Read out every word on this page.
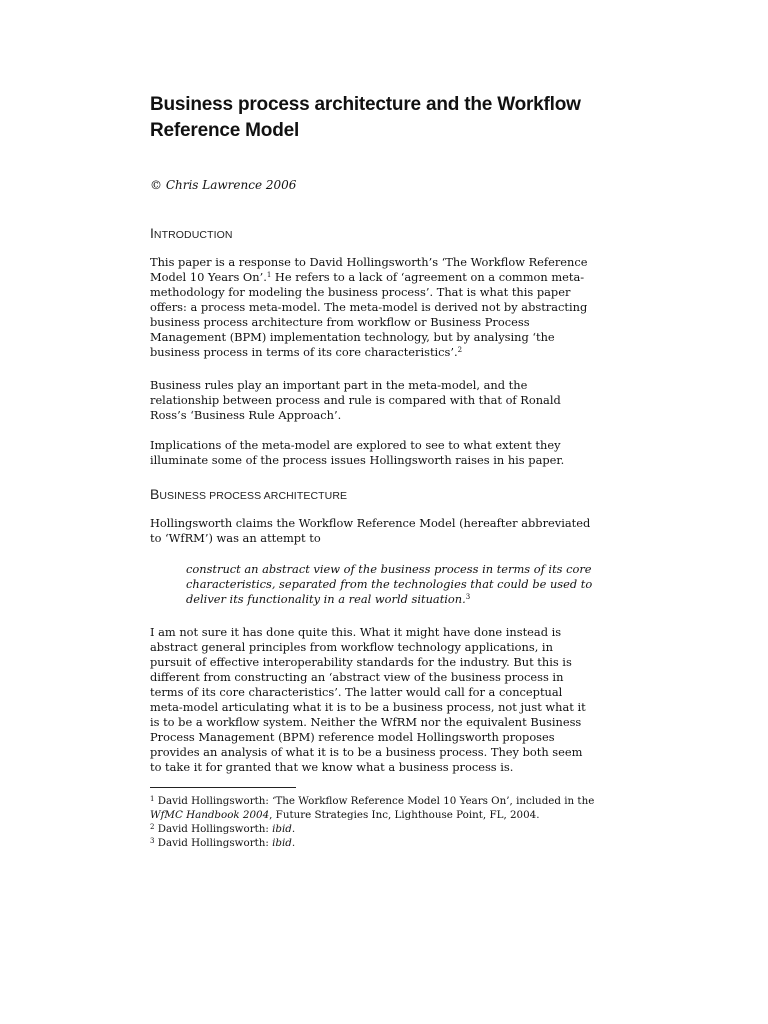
Business process architecture and the Workflow
Reference Model
© Chris Lawrence 2006
INTRODUCTION
This paper is a response to David Hollingsworth’s ‘The Workflow Reference
Model 10 Years On’.$^1$ He refers to a lack of ‘agreement on a common meta-
methodology for modeling the business process’. That is what this paper
offers: a process meta-model. The meta-model is derived not by abstracting
business process architecture from workflow or Business Process
Management (BPM) implementation technology, but by analysing ‘the
business process in terms of its core characteristics’.$^2$
Business rules play an important part in the meta-model, and the
relationship between process and rule is compared with that of Ronald
Ross’s ‘Business Rule Approach’.
Implications of the meta-model are explored to see to what extent they
illuminate some of the process issues Hollingsworth raises in his paper.
BUSINESS PROCESS ARCHITECTURE
Hollingsworth claims the Workflow Reference Model (hereafter abbreviated
to ‘WfRM’) was an attempt to
construct an abstract view of the business process in terms of its core
characteristics, separated from the technologies that could be used to
deliver its functionality in a real world situation.$^3$
I am not sure it has done quite this. What it might have done instead is
abstract general principles from workflow technology applications, in
pursuit of effective interoperability standards for the industry. But this is
different from constructing an ‘abstract view of the business process in
terms of its core characteristics’. The latter would call for a conceptual
meta-model articulating what it is to be a business process, not just what it
is to be a workflow system. Neither the WfRM nor the equivalent Business
Process Management (BPM) reference model Hollingsworth proposes
provides an analysis of what it is to be a business process. They both seem
to take it for granted that we know what a business process is.
$^1$ David Hollingsworth: ‘The Workflow Reference Model 10 Years On’, included in the
WfMC Handbook 2004, Future Strategies Inc, Lighthouse Point, FL, 2004.
$^2$ David Hollingsworth: ibid.
$^3$ David Hollingsworth: ibid.
